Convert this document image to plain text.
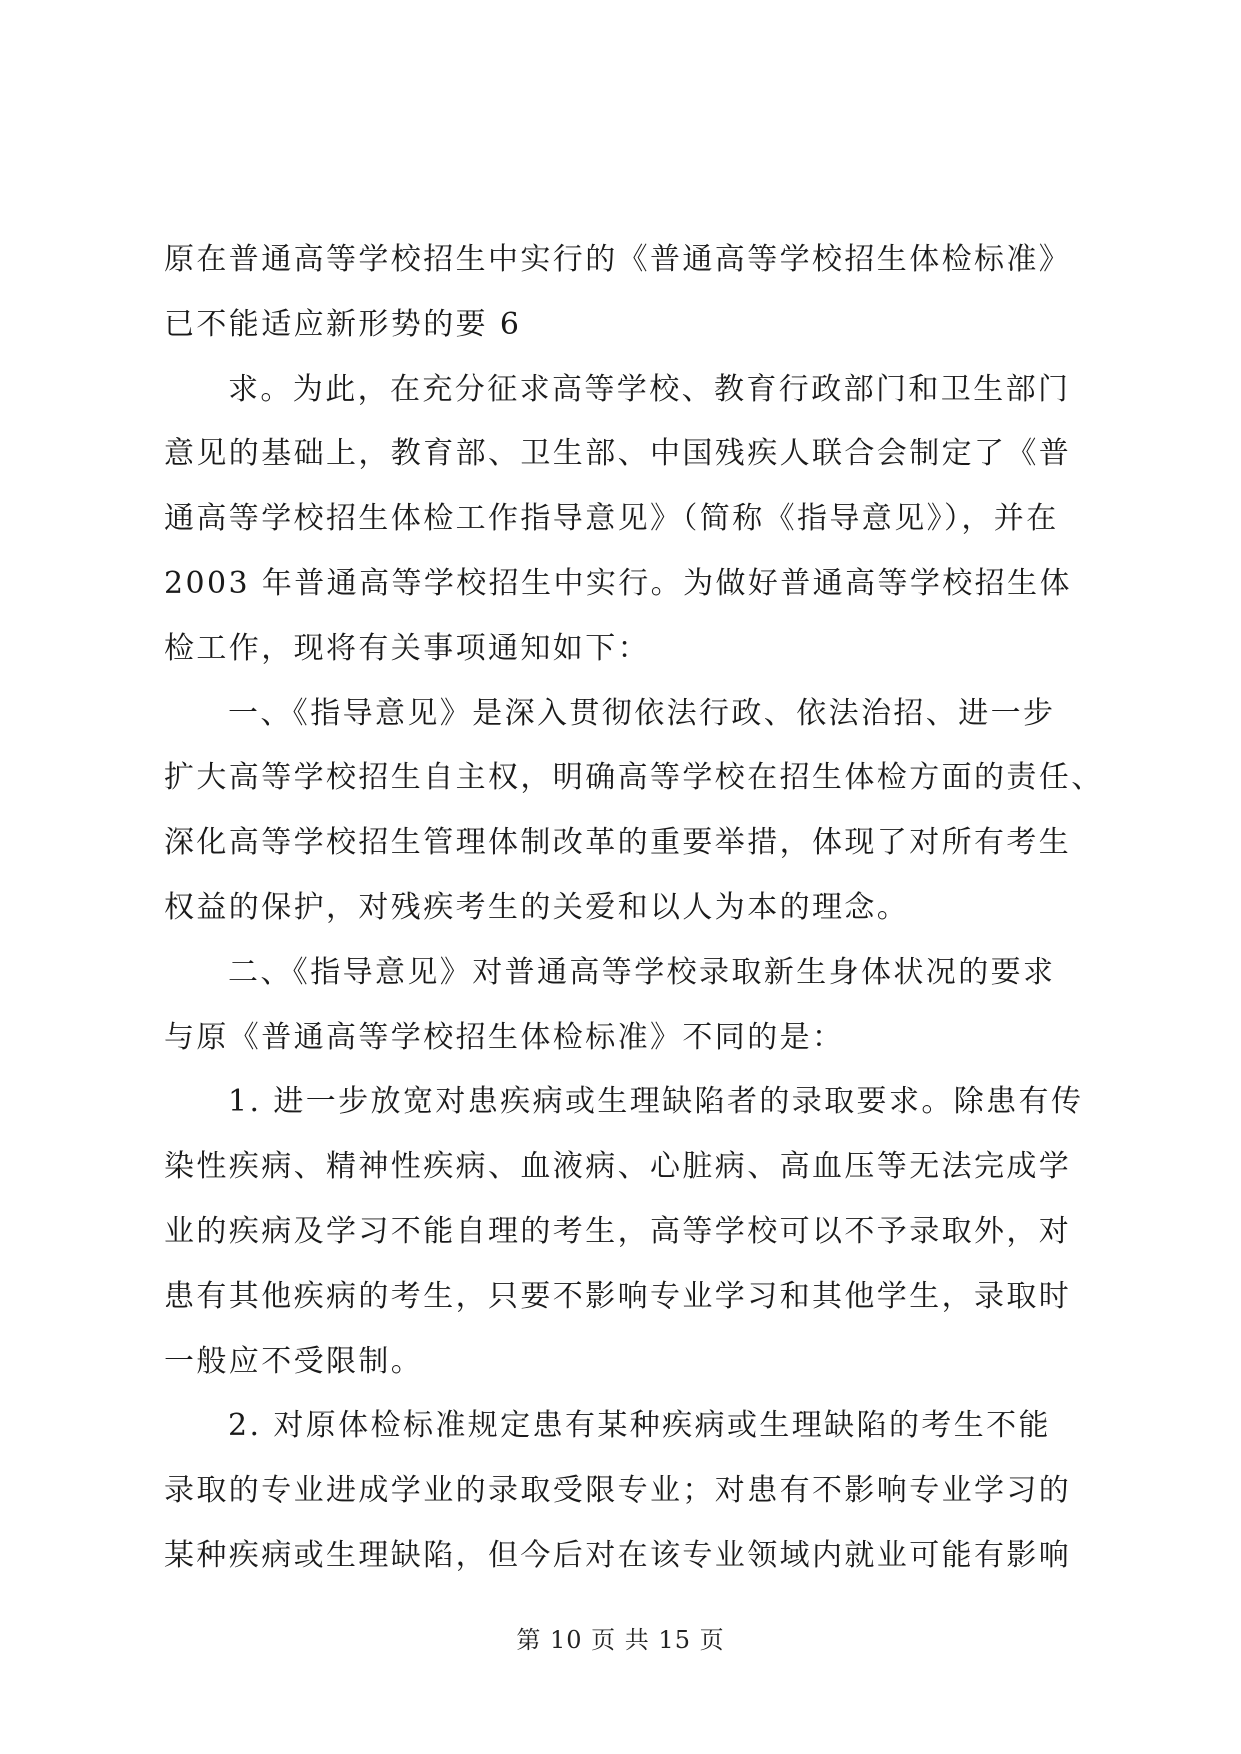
原在普通高等学校招生中实行的《普通高等学校招生体检标准》
已不能适应新形势的要 6
求。为此，在充分征求高等学校、教育行政部门和卫生部门
意见的基础上，教育部、卫生部、中国残疾人联合会制定了《普
通高等学校招生体检工作指导意见》（简称《指导意见》），并在
2003 年普通高等学校招生中实行。为做好普通高等学校招生体
检工作，现将有关事项通知如下：
一、《指导意见》是深入贯彻依法行政、依法治招、进一步
扩大高等学校招生自主权，明确高等学校在招生体检方面的责任、
深化高等学校招生管理体制改革的重要举措，体现了对所有考生
权益的保护，对残疾考生的关爱和以人为本的理念。
二、《指导意见》对普通高等学校录取新生身体状况的要求
与原《普通高等学校招生体检标准》不同的是：
1. 进一步放宽对患疾病或生理缺陷者的录取要求。除患有传
染性疾病、精神性疾病、血液病、心脏病、高血压等无法完成学
业的疾病及学习不能自理的考生，高等学校可以不予录取外，对
患有其他疾病的考生，只要不影响专业学习和其他学生，录取时
一般应不受限制。
2. 对原体检标准规定患有某种疾病或生理缺陷的考生不能
录取的专业进成学业的录取受限专业；对患有不影响专业学习的
某种疾病或生理缺陷，但今后对在该专业领域内就业可能有影响
第 10 页 共 15 页
